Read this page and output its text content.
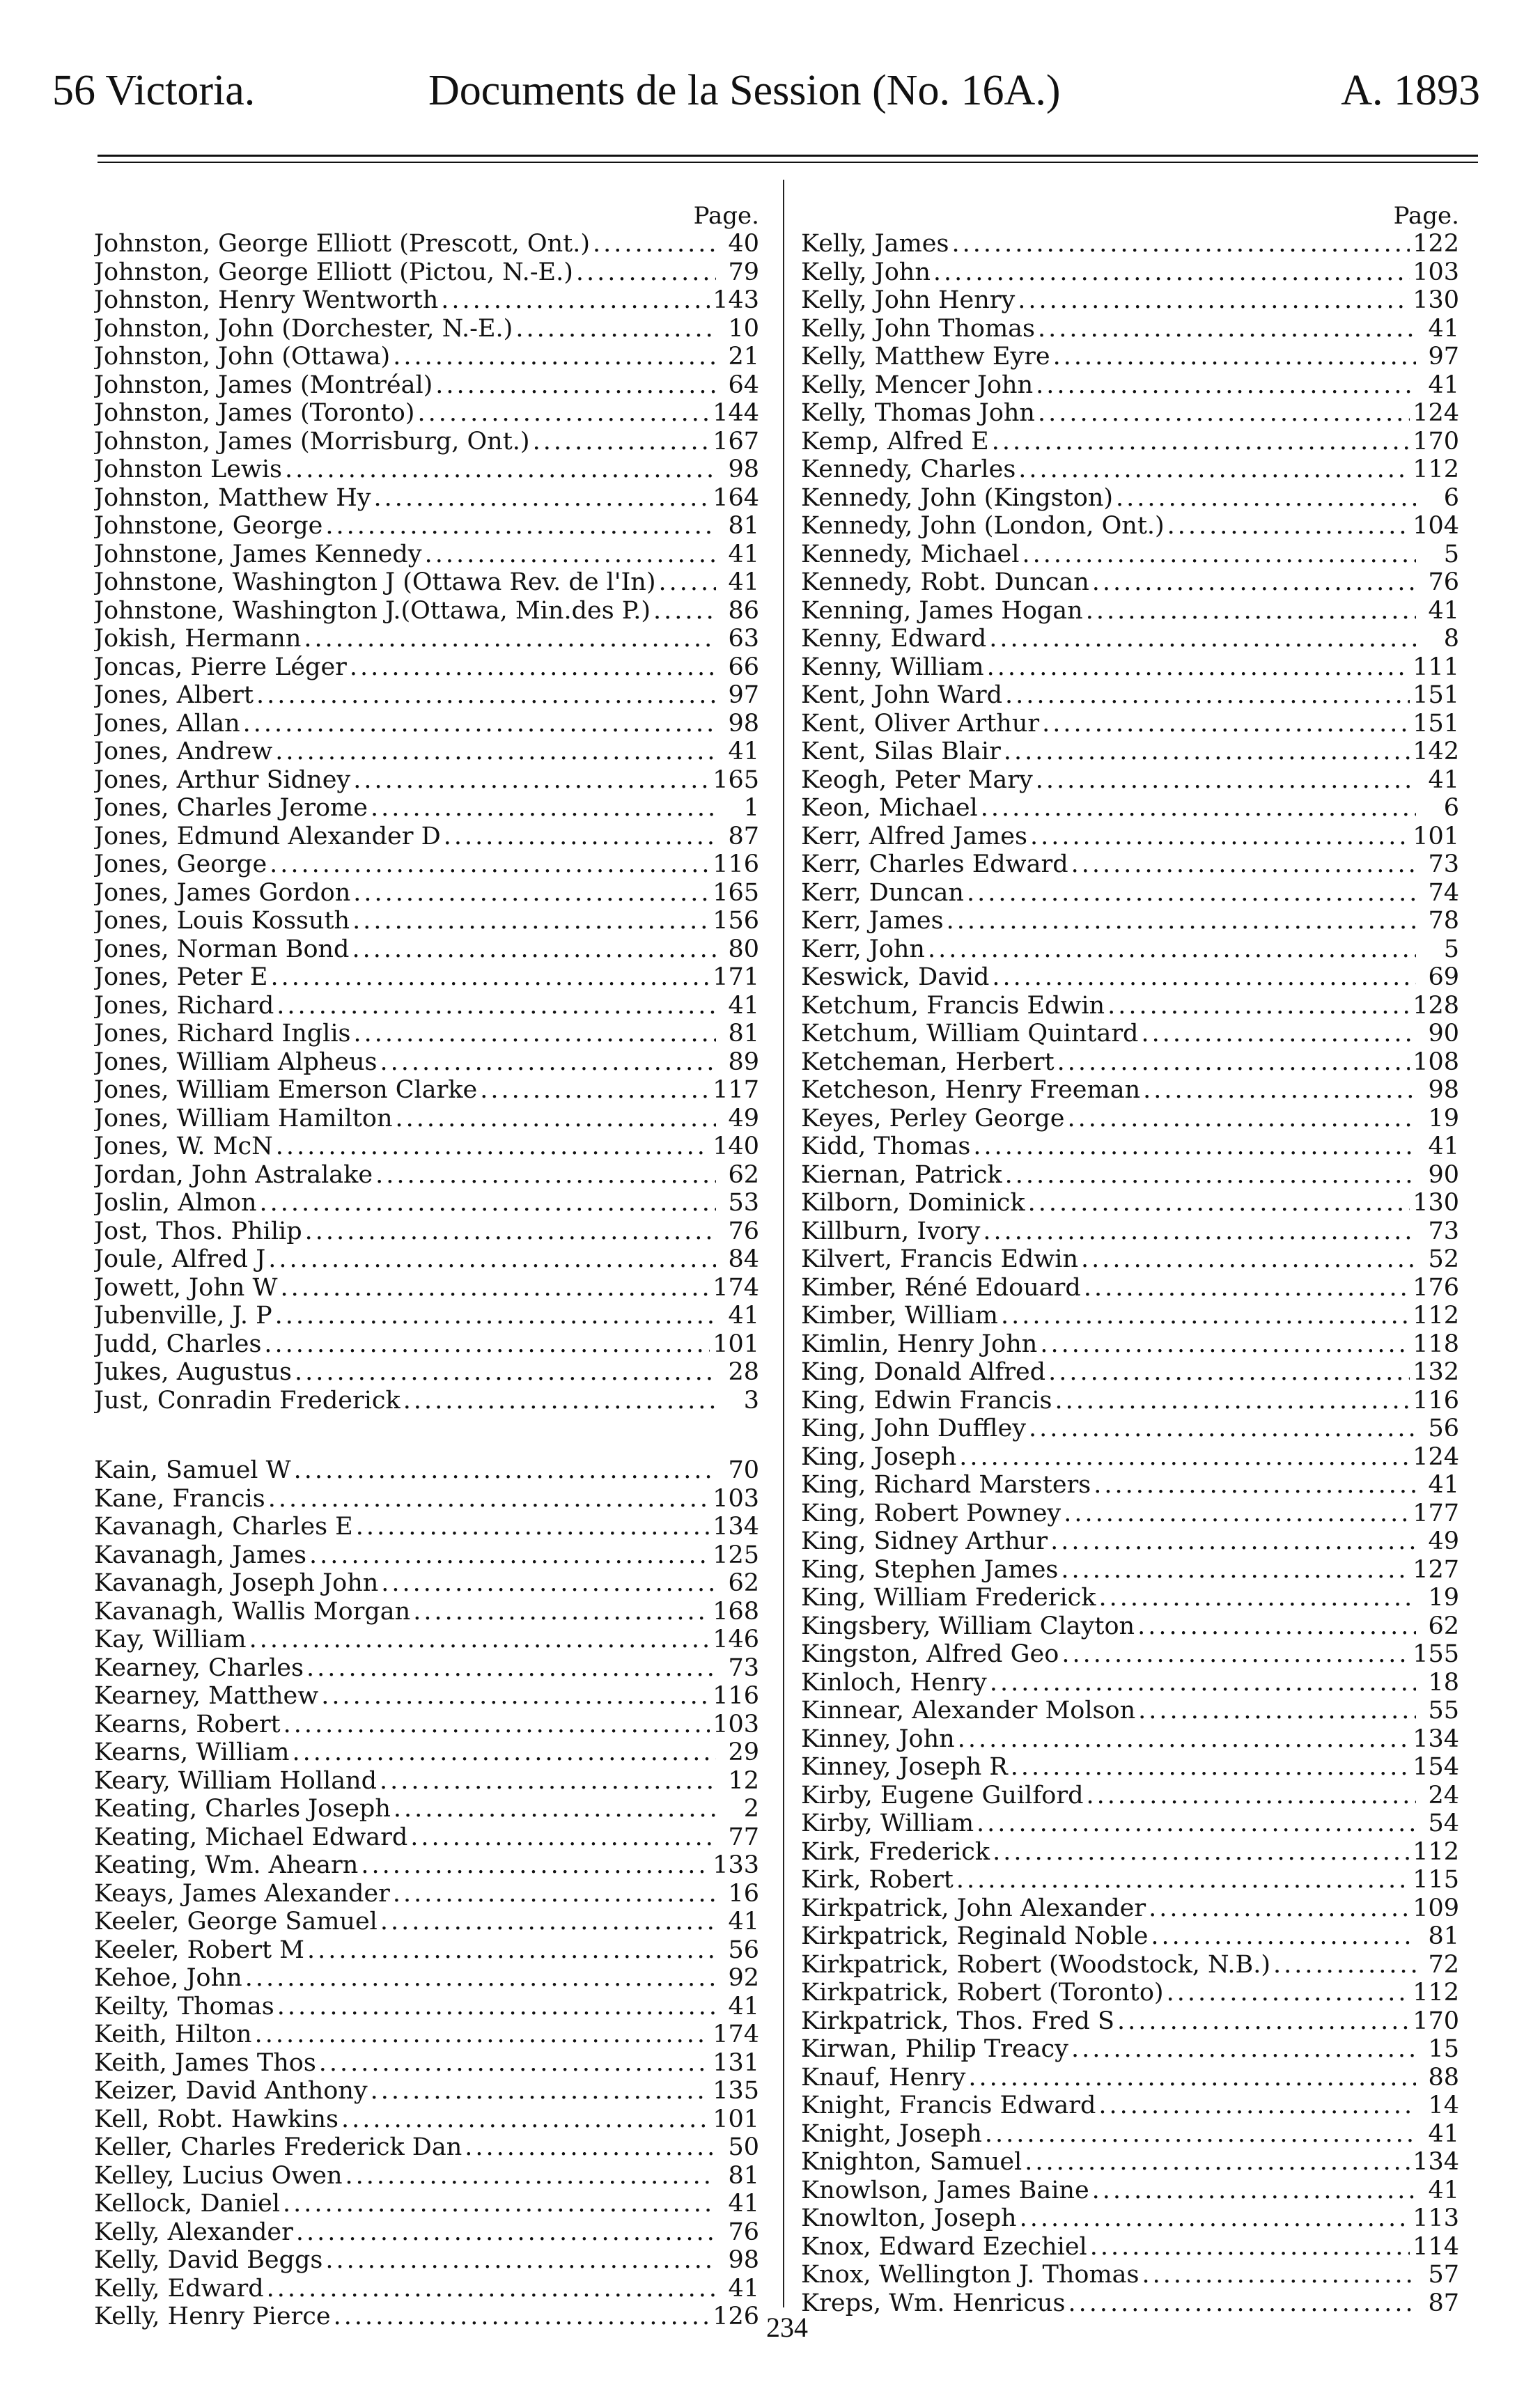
56 Victoria.	Documents de la Session (No. 16A.)	A. 1893
Page.
Johnston, George Elliott (Prescott, Ont.) .....	40
Johnston, George Elliott (Pictou, N.-E.) .....	79
Johnston, Henry Wentworth .....	143
Johnston, John (Dorchester, N.-E.) .....	10
Johnston, John (Ottawa) .....	21
Johnston, James (Montréal) .....	64
Johnston, James (Toronto) .....	144
Johnston, James (Morrisburg, Ont.) .....	167
Johnston Lewis .....	98
Johnston, Matthew Hy .....	164
Johnstone, George .....	81
Johnstone, James Kennedy .....	41
Johnstone, Washington J (Ottawa Rev. de l'In) .....	41
Johnstone, Washington J.(Ottawa, Min.des P.) .....	86
Jokish, Hermann .....	63
Joncas, Pierre Léger .....	66
Jones, Albert .....	97
Jones, Allan .....	98
Jones, Andrew .....	41
Jones, Arthur Sidney .....	165
Jones, Charles Jerome .....	1
Jones, Edmund Alexander D .....	87
Jones, George .....	116
Jones, James Gordon .....	165
Jones, Louis Kossuth .....	156
Jones, Norman Bond .....	80
Jones, Peter E .....	171
Jones, Richard .....	41
Jones, Richard Inglis .....	81
Jones, William Alpheus .....	89
Jones, William Emerson Clarke .....	117
Jones, William Hamilton .....	49
Jones, W. McN .....	140
Jordan, John Astralake .....	62
Joslin, Almon .....	53
Jost, Thos. Philip .....	76
Joule, Alfred J .....	84
Jowett, John W .....	174
Jubenville, J. P .....	41
Judd, Charles .....	101
Jukes, Augustus .....	28
Just, Conradin Frederick .....	3
Kain, Samuel W .....	70
Kane, Francis .....	103
Kavanagh, Charles E .....	134
Kavanagh, James .....	125
Kavanagh, Joseph John .....	62
Kavanagh, Wallis Morgan .....	168
Kay, William .....	146
Kearney, Charles .....	73
Kearney, Matthew .....	116
Kearns, Robert .....	103
Kearns, William .....	29
Keary, William Holland .....	12
Keating, Charles Joseph .....	2
Keating, Michael Edward .....	77
Keating, Wm. Ahearn .....	133
Keays, James Alexander .....	16
Keeler, George Samuel .....	41
Keeler, Robert M .....	56
Kehoe, John .....	92
Keilty, Thomas .....	41
Keith, Hilton .....	174
Keith, James Thos .....	131
Keizer, David Anthony .....	135
Kell, Robt. Hawkins .....	101
Keller, Charles Frederick Dan .....	50
Kelley, Lucius Owen .....	81
Kellock, Daniel .....	41
Kelly, Alexander .....	76
Kelly, David Beggs .....	98
Kelly, Edward .....	41
Kelly, Henry Pierce .....	126
Page.
Kelly, James .....	122
Kelly, John .....	103
Kelly, John Henry .....	130
Kelly, John Thomas .....	41
Kelly, Matthew Eyre .....	97
Kelly, Mencer John .....	41
Kelly, Thomas John .....	124
Kemp, Alfred E .....	170
Kennedy, Charles .....	112
Kennedy, John (Kingston) .....	6
Kennedy, John (London, Ont.) .....	104
Kennedy, Michael .....	5
Kennedy, Robt. Duncan .....	76
Kenning, James Hogan .....	41
Kenny, Edward .....	8
Kenny, William .....	111
Kent, John Ward .....	151
Kent, Oliver Arthur .....	151
Kent, Silas Blair .....	142
Keogh, Peter Mary .....	41
Keon, Michael .....	6
Kerr, Alfred James .....	101
Kerr, Charles Edward .....	73
Kerr, Duncan .....	74
Kerr, James .....	78
Kerr, John .....	5
Keswick, David .....	69
Ketchum, Francis Edwin .....	128
Ketchum, William Quintard .....	90
Ketcheman, Herbert .....	108
Ketcheson, Henry Freeman .....	98
Keyes, Perley George .....	19
Kidd, Thomas .....	41
Kiernan, Patrick .....	90
Kilborn, Dominick .....	130
Killburn, Ivory .....	73
Kilvert, Francis Edwin .....	52
Kimber, Réné Edouard .....	176
Kimber, William .....	112
Kimlin, Henry John .....	118
King, Donald Alfred .....	132
King, Edwin Francis .....	116
King, John Duffley .....	56
King, Joseph .....	124
King, Richard Marsters .....	41
King, Robert Powney .....	177
King, Sidney Arthur .....	49
King, Stephen James .....	127
King, William Frederick .....	19
Kingsbery, William Clayton .....	62
Kingston, Alfred Geo .....	155
Kinloch, Henry .....	18
Kinnear, Alexander Molson .....	55
Kinney, John .....	134
Kinney, Joseph R .....	154
Kirby, Eugene Guilford .....	24
Kirby, William .....	54
Kirk, Frederick .....	112
Kirk, Robert .....	115
Kirkpatrick, John Alexander .....	109
Kirkpatrick, Reginald Noble .....	81
Kirkpatrick, Robert (Woodstock, N.B.) .....	72
Kirkpatrick, Robert (Toronto) .....	112
Kirkpatrick, Thos. Fred S .....	170
Kirwan, Philip Treacy .....	15
Knauf, Henry .....	88
Knight, Francis Edward .....	14
Knight, Joseph .....	41
Knighton, Samuel .....	134
Knowlson, James Baine .....	41
Knowlton, Joseph .....	113
Knox, Edward Ezechiel .....	114
Knox, Wellington J. Thomas .....	57
Kreps, Wm. Henricus .....	87
234
